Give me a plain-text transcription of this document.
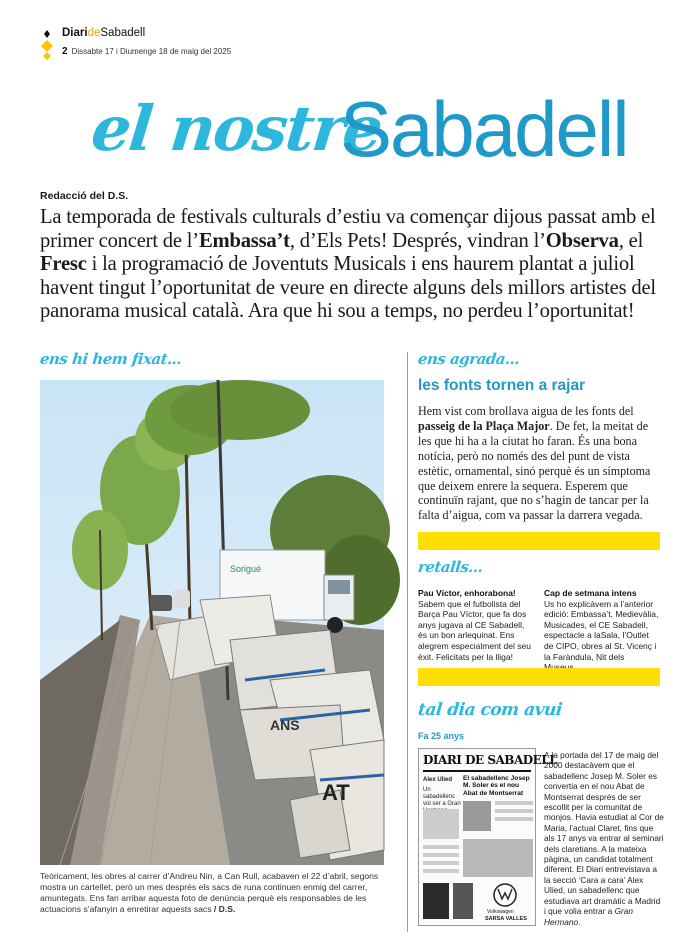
DiarideSabadell
2 Dissabte 17 i Diumenge 18 de maig del 2025
el nostre
Sabadell
Redacció del D.S.
La temporada de festivals culturals d’estiu va començar dijous passat amb el primer concert de l’Embassa’t, d’Els Pets! Després, vindran l’Observa, el Fresc i la programació de Joventuts Musicals i ens haurem plantat a juliol havent tingut l’oportunitat de veure en directe alguns dels millors artistes del panorama musical català. Ara que hi sou a temps, no perdeu l’oportunitat!
ens hi hem fixat...
Sorigué
AT
ANS
Teòricament, les obres al carrer d’Andreu Nin, a Can Rull, acabaven el 22 d’abril, segons mostra un cartellet, però un mes després els sacs de runa continuen enmig del carrer, amuntegats. Ens fan arribar aquesta foto de denúncia perquè els responsables de les actuacions s’afanyin a enretirar aquests sacs / D.S.
ens agrada...
les fonts tornen a rajar
Hem vist com brollava aigua de les fonts del passeig de la Plaça Major. De fet, la meitat de les que hi ha a la ciutat ho faran. És una bona notícia, però no només des del punt de vista estètic, ornamental, sinó perquè és un símptoma que deixem enrere la sequera. Esperem que continuïn rajant, que no s’hagin de tancar per la falta d’aigua, com va passar la darrera vegada.
retalls...
Pau Víctor, enhorabona!
Sabem que el futbolista del Barça Pau Víctor, que fa dos anys jugava al CE Sabadell, és un bon arlequinat. Ens alegrem especialment del seu èxit. Felicitats per la lliga!
Cap de setmana intens
Us ho explicàvem a l’anterior edició: Embassa’t, Medievàlia, Musicades, el CE Sabadell, espectacle a laSala, l’Outlet de CIPO, obres al St. Vicenç i la Faràndula, Nit dels
tal dia com avui
Fa 25 anys
DIARI DE SABADELL
Alex Ulied
Un sabadellenc vol ser a Gran
El sabadellenc Josep M. Soler és el nou Abat de Montserrat
Volkswagen
SARSA VALLES
A la portada del 17 de maig del 2000 destacàvem que el sabadellenc Josep M. Soler es convertia en el nou Abat de Montserrat després de ser escollit per la comunitat de monjos. Havia estudiat al Cor de Maria, l’actual Claret, fins que als 17 anys va entrar al seminari dels claretians. A la mateixa pàgina, un candidat totalment diferent. El Diari entrevistava a la secció ‘Cara a cara’ Alex Ulied, un sabadellenc que estudiava art dramàtic a Madrid i que volia entrar a Gran Hermano.
